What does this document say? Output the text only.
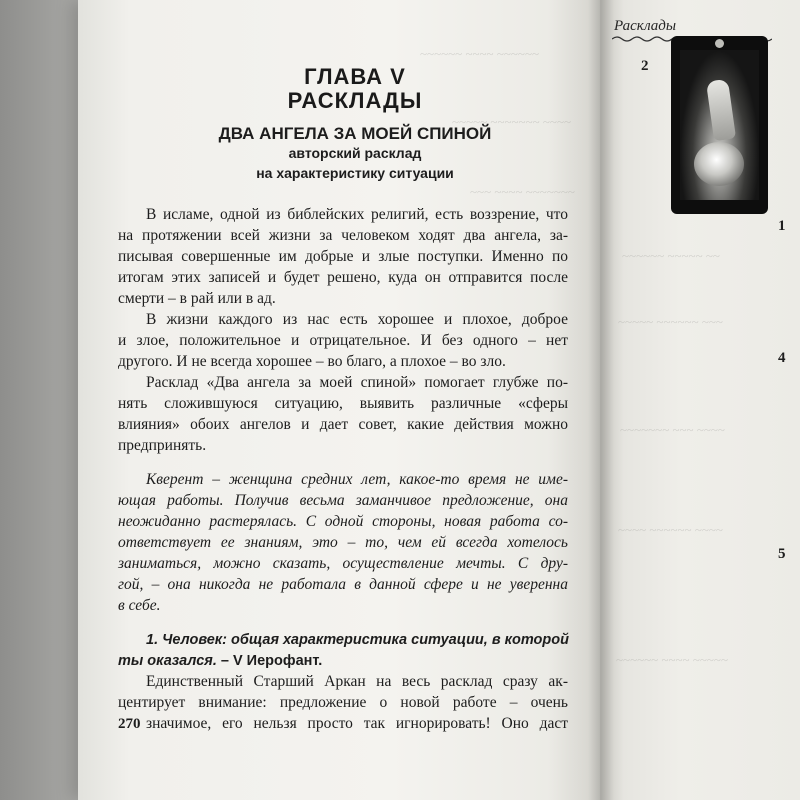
~~~~~~ ~~~~ ~~~~~~
~~~~~ ~~~~~~~ ~~~~
~~~ ~~~~ ~~~~~~~
~~~~~~ ~~~~~ ~~
~~~~~ ~~~~~~ ~~~
~~~~~~~ ~~~ ~~~~
~~~~ ~~~~~~ ~~~~
~~~~~~ ~~~~ ~~~~~
ГЛАВА V
РАСКЛАДЫ
ДВА АНГЕЛА ЗА МОЕЙ СПИНОЙ
авторский расклад
на характеристику ситуации
В исламе, одной из библейских религий, есть воззрение, что
на протяжении всей жизни за человеком ходят два ангела, за-
писывая совершенные им добрые и злые поступки. Именно по
итогам этих записей и будет решено, куда он отправится после
смерти – в рай или в ад.
В жизни каждого из нас есть хорошее и плохое, доброе
и злое, положительное и отрицательное. И без одного – нет
другого. И не всегда хорошее – во благо, а плохое – во зло.
Расклад «Два ангела за моей спиной» помогает глубже по-
нять сложившуюся ситуацию, выявить различные «сферы
влияния» обоих ангелов и дает совет, какие действия можно
предпринять.
Кверент – женщина средних лет, какое-то время не име-
ющая работы. Получив весьма заманчивое предложение, она
неожиданно растерялась. С одной стороны, новая работа со-
ответствует ее знаниям, это – то, чем ей всегда хотелось
заниматься, можно сказать, осуществление мечты. С дру-
гой, – она никогда не работала в данной сфере и не уверенна
в себе.
1. Человек: общая характеристика ситуации, в которой
ты оказался. – V Иерофант.
Единственный Старший Аркан на весь расклад сразу ак-
центирует внимание: предложение о новой работе – очень
значимое, его нельзя просто так игнорировать! Оно даст
270
Расклады
2
1
4
5
